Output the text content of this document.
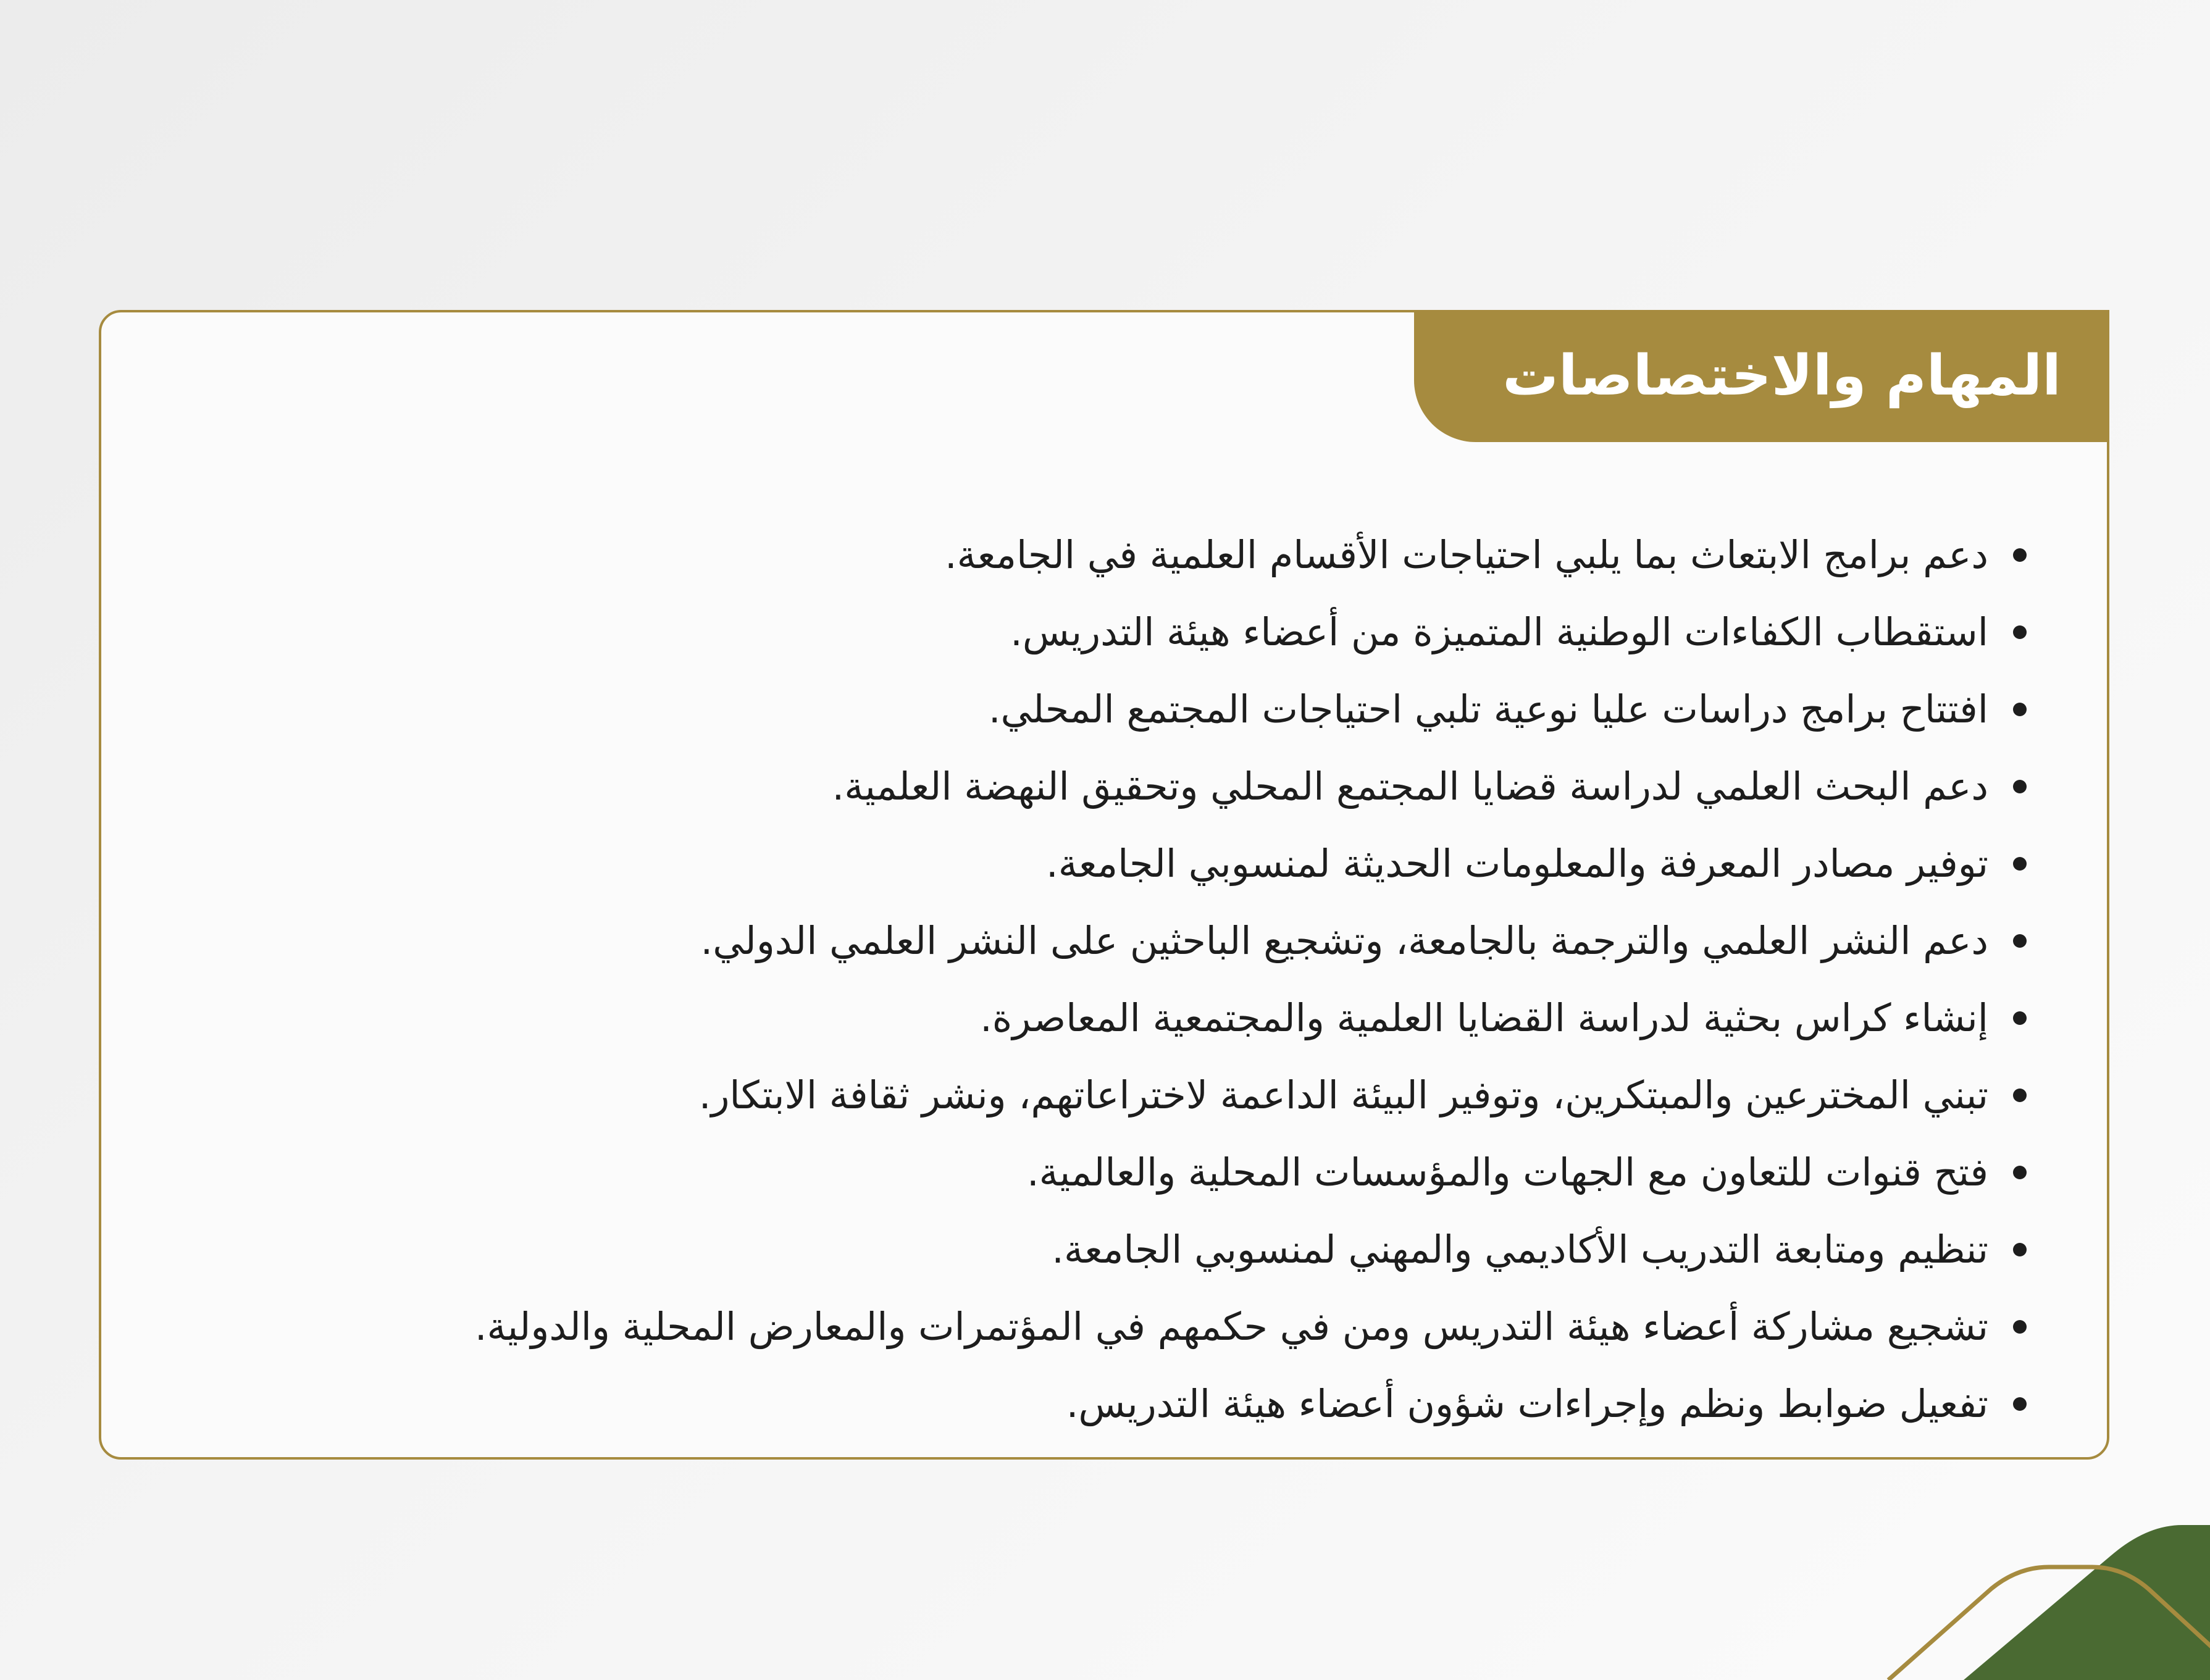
المهام والاختصاصات
دعم برامج الابتعاث بما يلبي احتياجات الأقسام العلمية في الجامعة.
استقطاب الكفاءات الوطنية المتميزة من أعضاء هيئة التدريس.
افتتاح برامج دراسات عليا نوعية تلبي احتياجات المجتمع المحلي.
دعم البحث العلمي لدراسة قضايا المجتمع المحلي وتحقيق النهضة العلمية.
توفير مصادر المعرفة والمعلومات الحديثة لمنسوبي الجامعة.
دعم النشر العلمي والترجمة بالجامعة، وتشجيع الباحثين على النشر العلمي الدولي.
إنشاء كراس بحثية لدراسة القضايا العلمية والمجتمعية المعاصرة.
تبني المخترعين والمبتكرين، وتوفير البيئة الداعمة لاختراعاتهم، ونشر ثقافة الابتكار.
فتح قنوات للتعاون مع الجهات والمؤسسات المحلية والعالمية.
تنظيم ومتابعة التدريب الأكاديمي والمهني لمنسوبي الجامعة.
تشجيع مشاركة أعضاء هيئة التدريس ومن في حكمهم في المؤتمرات والمعارض المحلية والدولية.
تفعيل ضوابط ونظم وإجراءات شؤون أعضاء هيئة التدريس.
